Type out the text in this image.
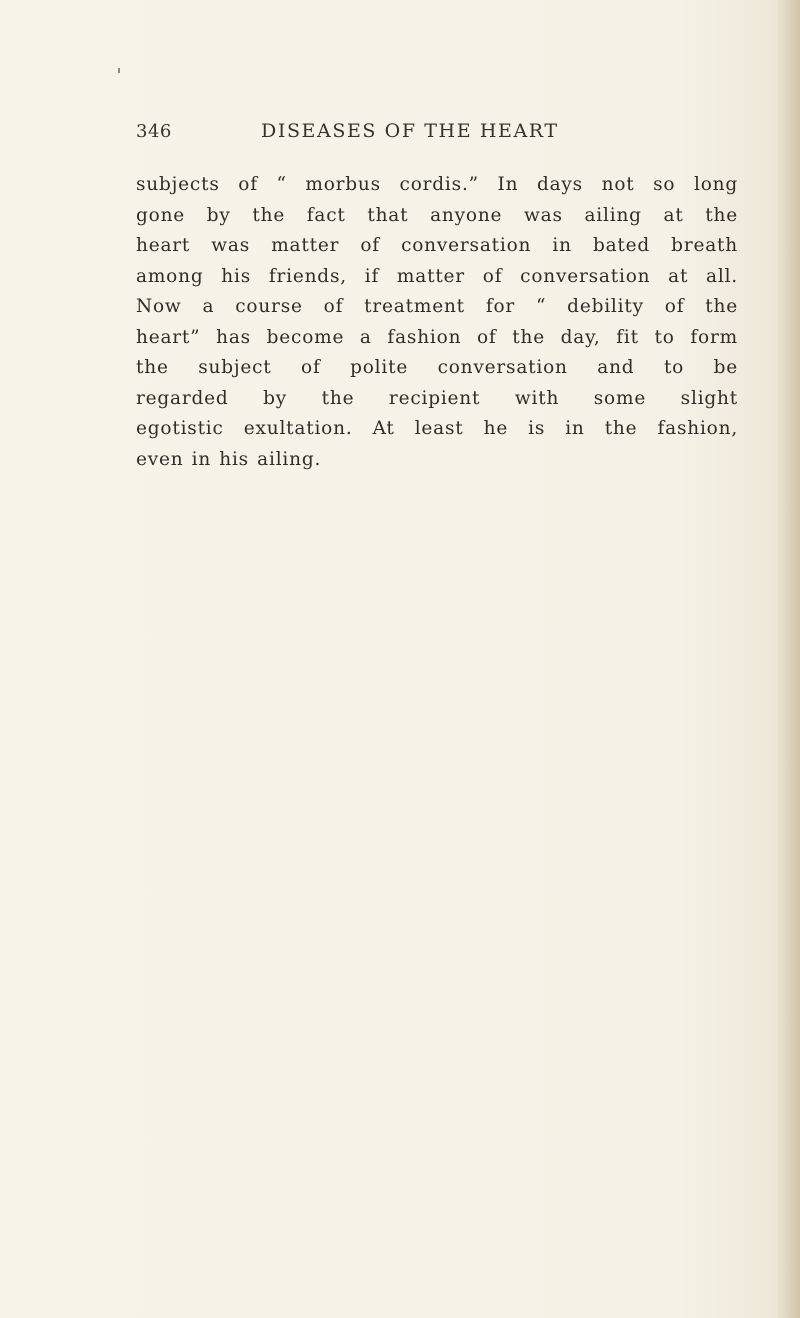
346	DISEASES OF THE HEART

subjects of “ morbus cordis.” In days not so long
gone by the fact that anyone was ailing at the
heart was matter of conversation in bated breath
among his friends, if matter of conversation at all.
Now a course of treatment for “ debility of the
heart” has become a fashion of the day, fit to form
the subject of polite conversation and to be
regarded by the recipient with some slight
egotistic exultation. At least he is in the fashion,
even in his ailing.
